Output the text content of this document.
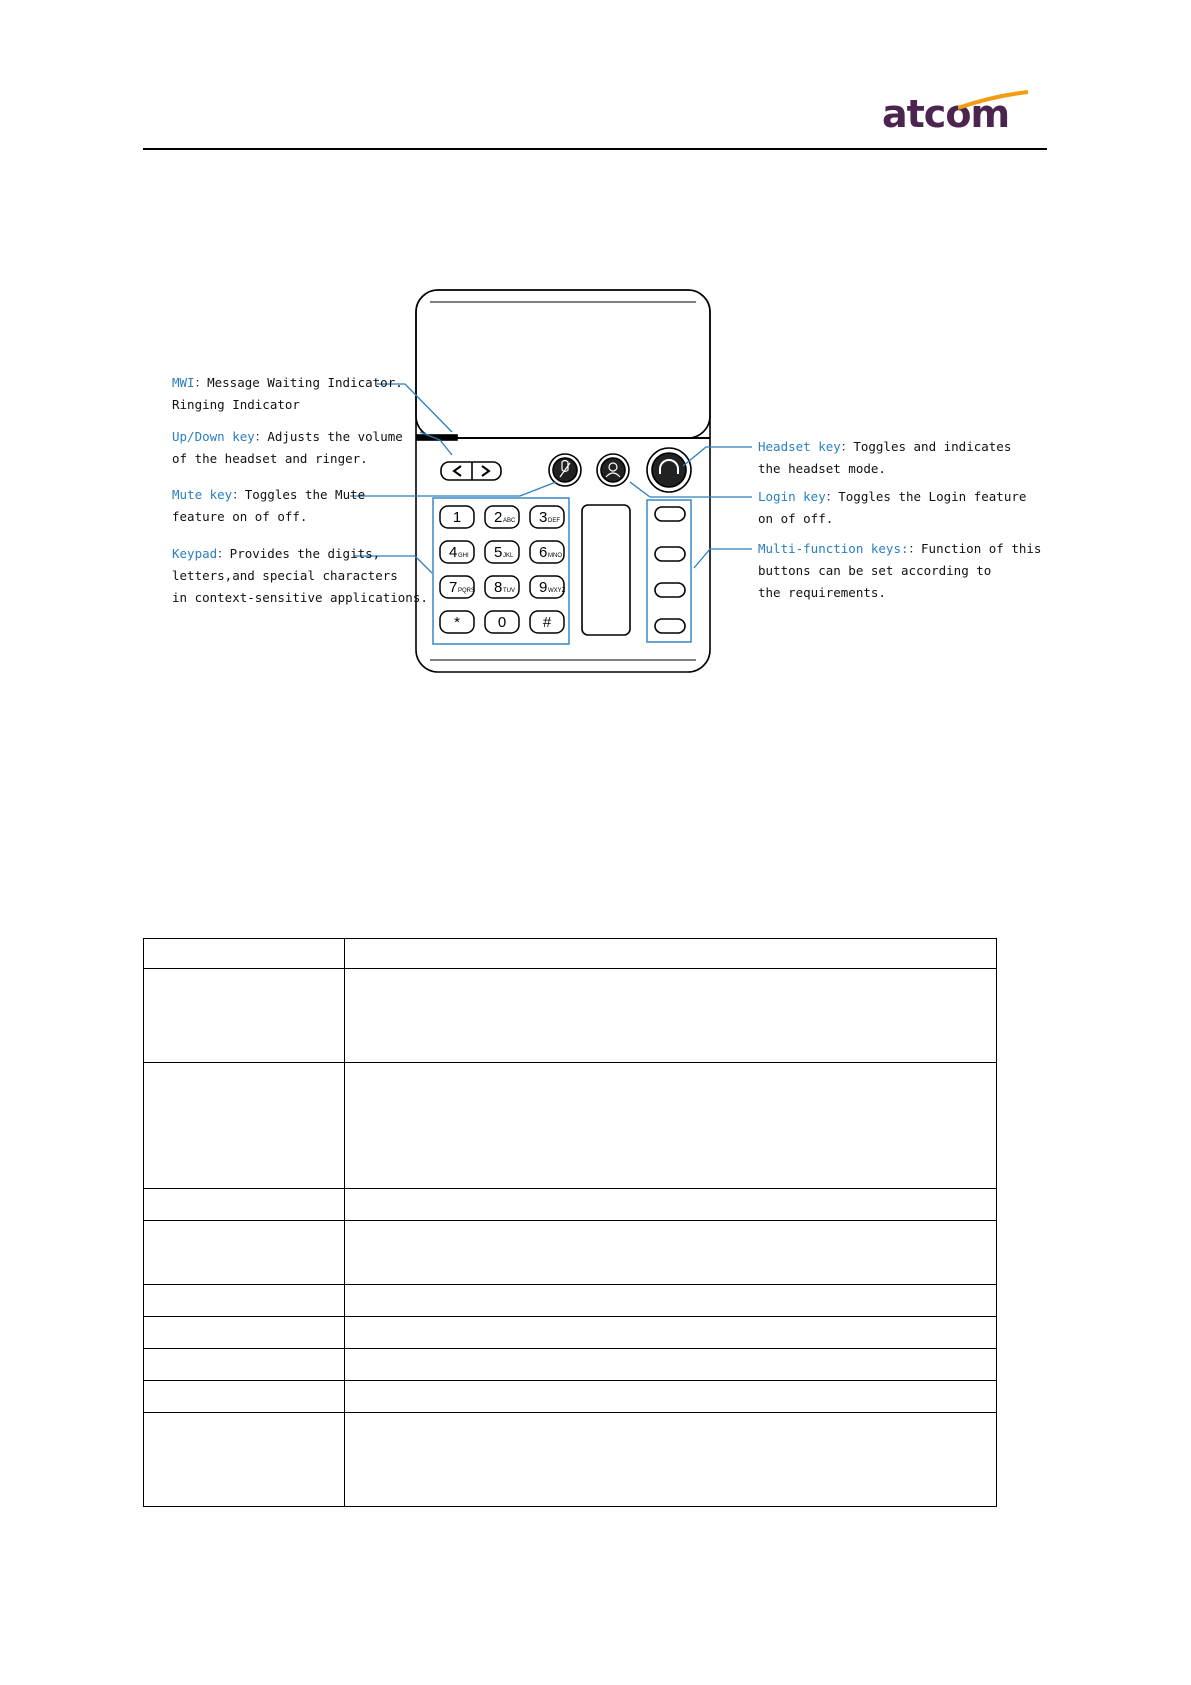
atcom
1 2 ABC 3 DEF
4 GHI 5 JKL 6 MNO
7 PQRS 8 TUV 9 WXYZ
*	0 #
MWI：Message Waiting Indicator.
Ringing Indicator
Up/Down key：Adjusts the volume
of the headset and ringer.
Mute key：Toggles the Mute
feature on of off.
Keypad：Provides the digits,
letters,and special characters
in context-sensitive applications.
Headset key：Toggles and indicates
the headset mode.
Login key：Toggles the Login feature
on of off.
Multi-function keys:：Function of this
buttons can be set according to
the requirements.
